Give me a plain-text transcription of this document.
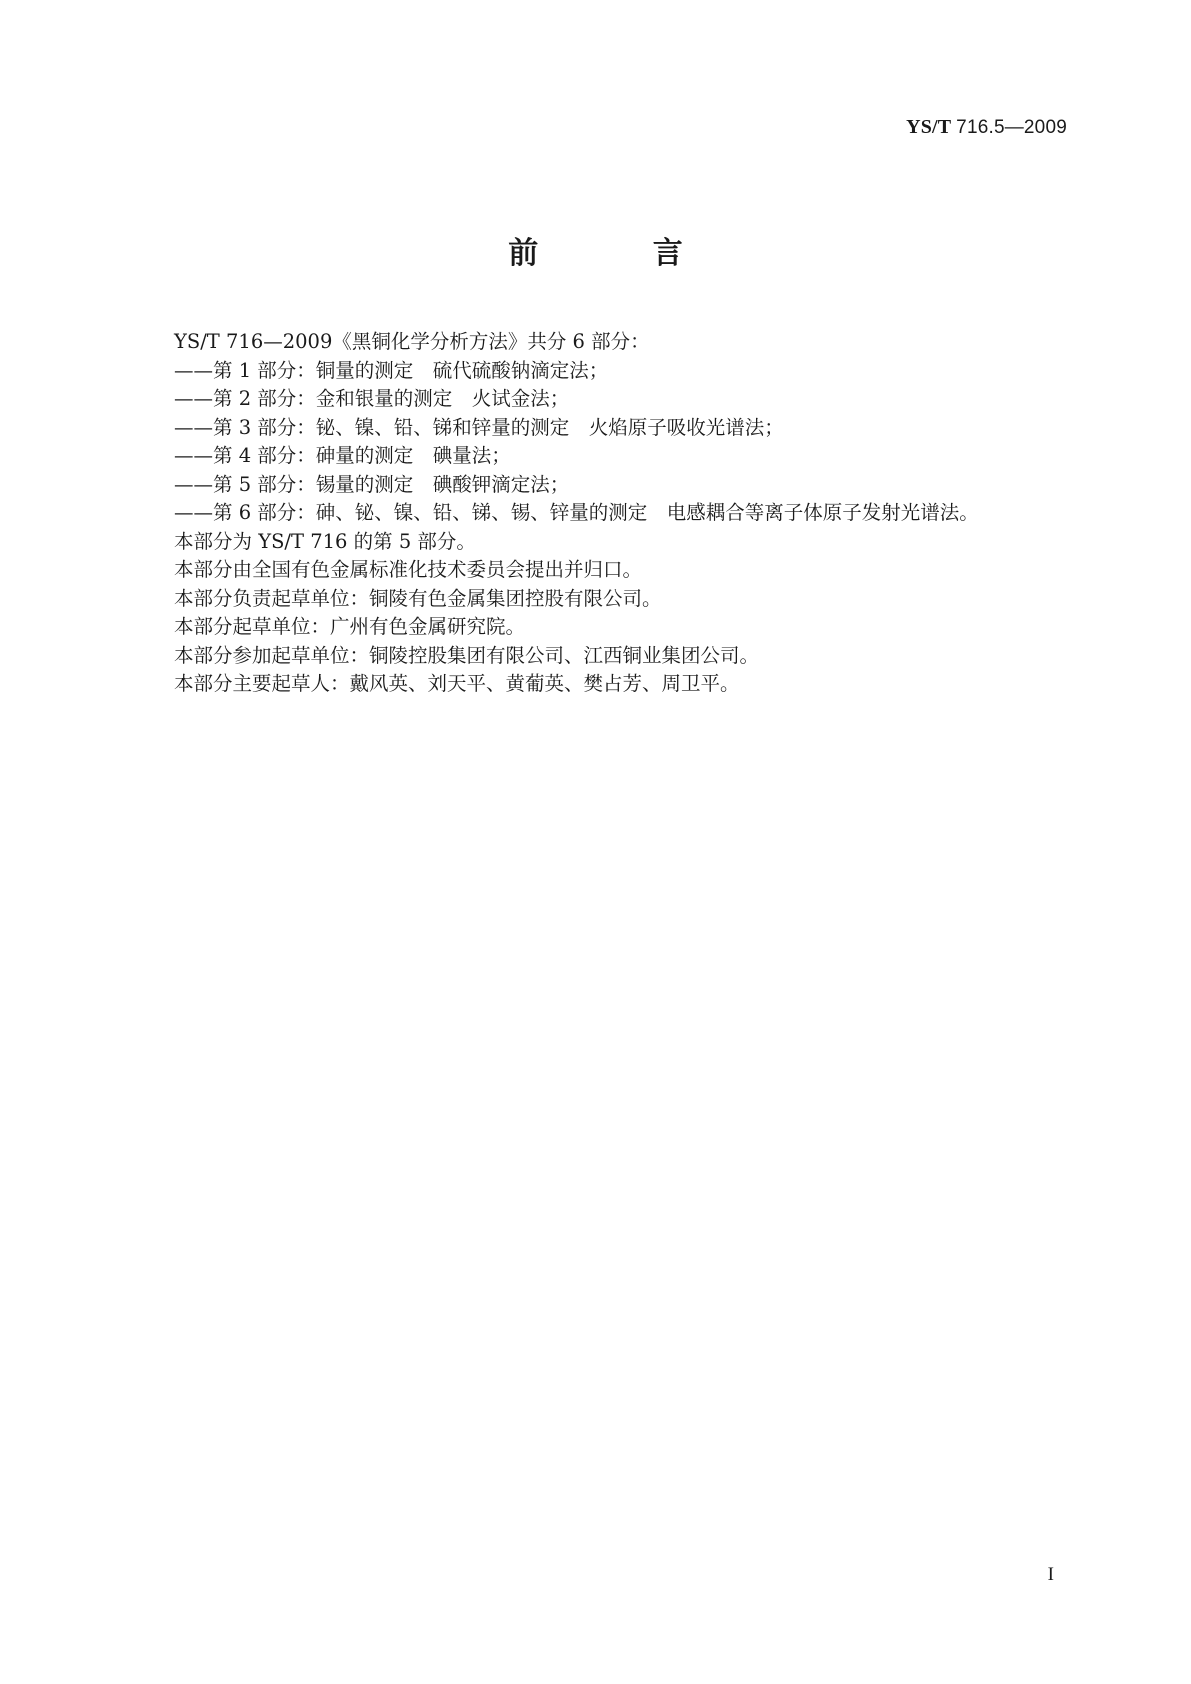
YS/T 716.5—2009
前 言

YS/T 716—2009《黑铜化学分析方法》共分 6 部分：

——第 1 部分：铜量的测定　硫代硫酸钠滴定法；

——第 2 部分：金和银量的测定　火试金法；

——第 3 部分：铋、镍、铅、锑和锌量的测定　火焰原子吸收光谱法；

——第 4 部分：砷量的测定　碘量法；

——第 5 部分：锡量的测定　碘酸钾滴定法；

——第 6 部分：砷、铋、镍、铅、锑、锡、锌量的测定　电感耦合等离子体原子发射光谱法。

本部分为 YS/T 716 的第 5 部分。

本部分由全国有色金属标准化技术委员会提出并归口。

本部分负责起草单位：铜陵有色金属集团控股有限公司。

本部分起草单位：广州有色金属研究院。

本部分参加起草单位：铜陵控股集团有限公司、江西铜业集团公司。

本部分主要起草人：戴风英、刘天平、黄葡英、樊占芳、周卫平。

I
